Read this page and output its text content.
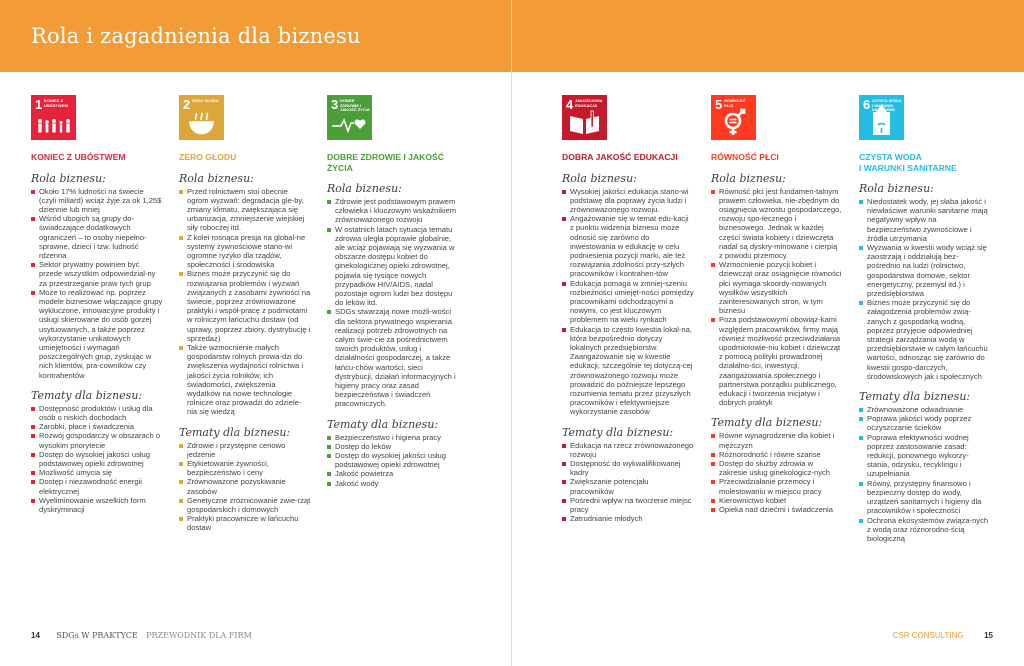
Rola i zagadnienia dla biznesu
1 KONIEC Z UBÓSTWEM
KONIEC Z UBÓSTWEM
Rola biznesu:
Około 17% ludności na świecie (czyli miliard) wciąż żyje za ok 1,25$ dziennie lub mniej
Wśród ubogich są grupy do-świadczające dodatkowych ograniczeń – to osoby niepełno-sprawne, dzieci i tzw. ludność rdzenna
Sektor prywatny powinien być przede wszystkim odpowiedzial-ny za przestrzeganie praw tych grup
Może to realizować np. poprzez modele biznesowe włączające grupy wykluczone, innowacyjne produkty i usługi skierowane do osób gorzej usytuowanych, a także poprzez wykorzystanie unikatowych umiejętności i wymagań poszczególnych grup, zyskując w nich klientów, pra-cowników czy kontrahentów
Tematy dla biznesu:
Dostępność produktów i usług dla osób o niskich dochodach
Zarobki, płace i świadczenia
Rozwój gospodarczy w obszarach o wysokim priorytecie
Dostęp do wysokiej jakości usług podstawowej opieki zdrowotnej
Możliwość umycia się
Dostęp i niezawodność energii elektrycznej
Wyeliminowanie wszelkich form dyskryminacji
2 ZERO GŁODU
ZERO GŁODU
Rola biznesu:
Przed rolnictwem stoi obecnie ogrom wyzwań: degradacja gle-by, zmiany klimatu, zwiększająca się urbanizacja, zmniejszenie wiejskiej siły roboczej itd.
Z kolei rosnąca presja na global-ne systemy żywnościowe stano-wi ogromne ryzyko dla rządów, społeczności i środowiska
Biznes może przyczynić się do rozwiązania problemów i wyzwań związanych z zasobami żywności na świecie, poprzez zrównoważone praktyki i współ-pracę z podmiotami w rolniczym łańcuchu dostaw (od uprawy, poprzez zbiory, dystrybucję i sprzedaż)
Także wzmocnienie małych gospodarstw rolnych prowa-dzi do zwiększenia wydajności rolnictwa i jakości życia rolników, ich świadomości, zwiększenia wydatków na nowe technologie rolnicze oraz prowadzi do zdziele-nia się wiedzą
Tematy dla biznesu:
Zdrowie i przystępne cenowo jedzenie
Etykietowanie żywności, bezpieczeństwo i ceny
Zrównoważone pozyskiwanie zasobów
Genetyczne zróżnicowanie zwie-rząt gospodarskich i domowych
Praktyki pracownicze w łańcuchu dostaw
3 DOBRE ZDROWIE I JAKOŚĆ ŻYCIA
DOBRE ZDROWIE I JAKOŚĆ ŻYCIA
Rola biznesu:
Zdrowie jest podstawowym prawem człowieka i kluczowym wskaźnikiem zrównoważonego rozwoju
W ostatnich latach sytuacja tematu zdrowia uległa poprawie globalnie, ale wciąż pojawiają się wyzwania w obszarze dostępu kobiet do ginekologicznej opieki zdrowotnej, pojawia się tysiące nowych przypadków HIV/AIDS, nadal pozostaje ogrom ludzi bez dostępu do leków itd.
SDGs stwarzają nowe możli-wości dla sektora prywatnego wspierania realizacji potrzeb zdrowotnych na całym świe-cie za pośrednictwem swoich produktów, usług i działalności gospodarczej, a także łańcu-chów wartości, sieci dystrybucji, działań informacyjnych i higieny pracy oraz zasad bezpieczeństwa i świadczeń pracowniczych.
Tematy dla biznesu:
Bezpieczeństwo i higiena pracy
Dostęp do leków
Dostęp do wysokiej jakości usług podstawowej opieki zdrowotnej
Jakość powietrza
Jakość wody
4 JAKOŚCIOWA EDUKACJA
DOBRA JAKOŚĆ EDUKACJI
Rola biznesu:
Wysokiej jakości edukacja stano-wi podstawę dla poprawy życia ludzi i zrównoważonego rozwoju.
Angażowanie się w temat edu-kacji z punktu widzenia biznesu może odnosić się zarówno do inwestowania w edukację w celu podniesienia pozycji marki, ale też rozwiązania zdolności przy-szłych pracowników i kontrahen-tów
Edukacja pomaga w zmniej-szeniu rozbieżności umiejęt-ności pomiędzy pracownikami odchodzącymi a nowymi, co jest kluczowym problemem na wielu rynkach
Edukacja to często kwestia lokal-na, która bezpośrednio dotyczy lokalnych przedsiębiorstw. Zaangażowanie się w kwestie edukacji, szczególnie tej dotyczą-cej zrównoważonego rozwoju może prowadzić do późniejsze lepszego rozumienia tematu przez przyszłych pracowników i efektywniejsze wykorzystanie zasobów
Tematy dla biznesu:
Edukacja na rzecz zrównoważonego rozwoju
Dostępność do wykwalifikowanej kadry
Zwiększanie potencjału pracowników
Pośredni wpływ na tworzenie miejsc pracy
Zatrudnianie młodych
5 RÓWNOŚĆ PŁCI
RÓWNOŚĆ PŁCI
Rola biznesu:
Równość płci jest fundamen-talnym prawem człowieka, nie-zbędnym do osiągnięcia wzrostu gospodarczego, rozwoju spo-łecznego i biznesowego. Jednak w każdej części świata kobiety i dziewczęta nadal są dyskry-minowane i cierpią z powodu przemocy.
Wzmocnienie pozycji kobiet i dziewcząt oraz osiągnięcie równości płci wymaga skoordy-nowanych wysiłków wszystkich zainteresowanych stron, w tym biznesu
Poza podstawowymi obowiąz-kami względem pracowników, firmy mają również możliwość przeciwdziałania upodmiotowie-niu kobiet i dziewcząt z pomocą polityki prowadzonej działalno-ści, inwestycji, zaangażowania społecznego i partnerstwa porządku publicznego, edukacji i tworzenia inicjatyw i dobrych praktyk
Tematy dla biznesu:
Równe wynagrodzenie dla kobiet i mężczyzn
Różnorodność i równe szanse
Dostęp do służby zdrowia w zakresie usług ginekologicz-nych
Przeciwdziałanie przemocy i molestowaniu w miejscu pracy
Kierownictwo kobiet
Opieka nad dziećmi i świadczenia
6 CZYSTA WODA I WARUNKI SANITARNE
CZYSTA WODA
I WARUNKI SANITARNE
Rola biznesu:
Niedostatek wody, jej słaba jakość i niewłaściwe warunki sanitarne mają negatywny wpływ na bezpieczeństwo żywnościowe i źródła utrzymania
Wyzwania w kwestii wody wciąż się zaostrzają i oddziałują bez-pośrednio na ludzi (rolnictwo, gospodarstwa domowe, sektor energetyczny, przemysł itd.) i przedsiębiorstwa
Biznes może przyczynić się do załagodzenia problemów zwią-zanych z gospodarką wodną, poprzez przyjęcie odpowiedniej strategii zarządzania wodą w przedsiębiorstwie w całym łańcuchu wartości, odnosząc się zarówno do kwestii gospo-darczych, środowiskowych jak i społecznych
Tematy dla biznesu:
Zrównoważone odwadnianie
Poprawa jakości wody poprzez oczyszczanie ścieków
Poprawa efektywności wodnej poprzez zastosowanie zasad: redukcji, ponownego wykorzy-stania, odzysku, recyklingu i uzupełniania
Równy, przystępny finansowo i bezpieczny dostęp do wody, urządzeń sanitarnych i higieny dla pracowników i społeczności
Ochrona ekosystemów związa-nych z wodą oraz różnorodno-ścią biologiczną
14 SDGs W PRAKTYCE PRZEWODNIK DLA FIRM	CSR CONSULTING	15
